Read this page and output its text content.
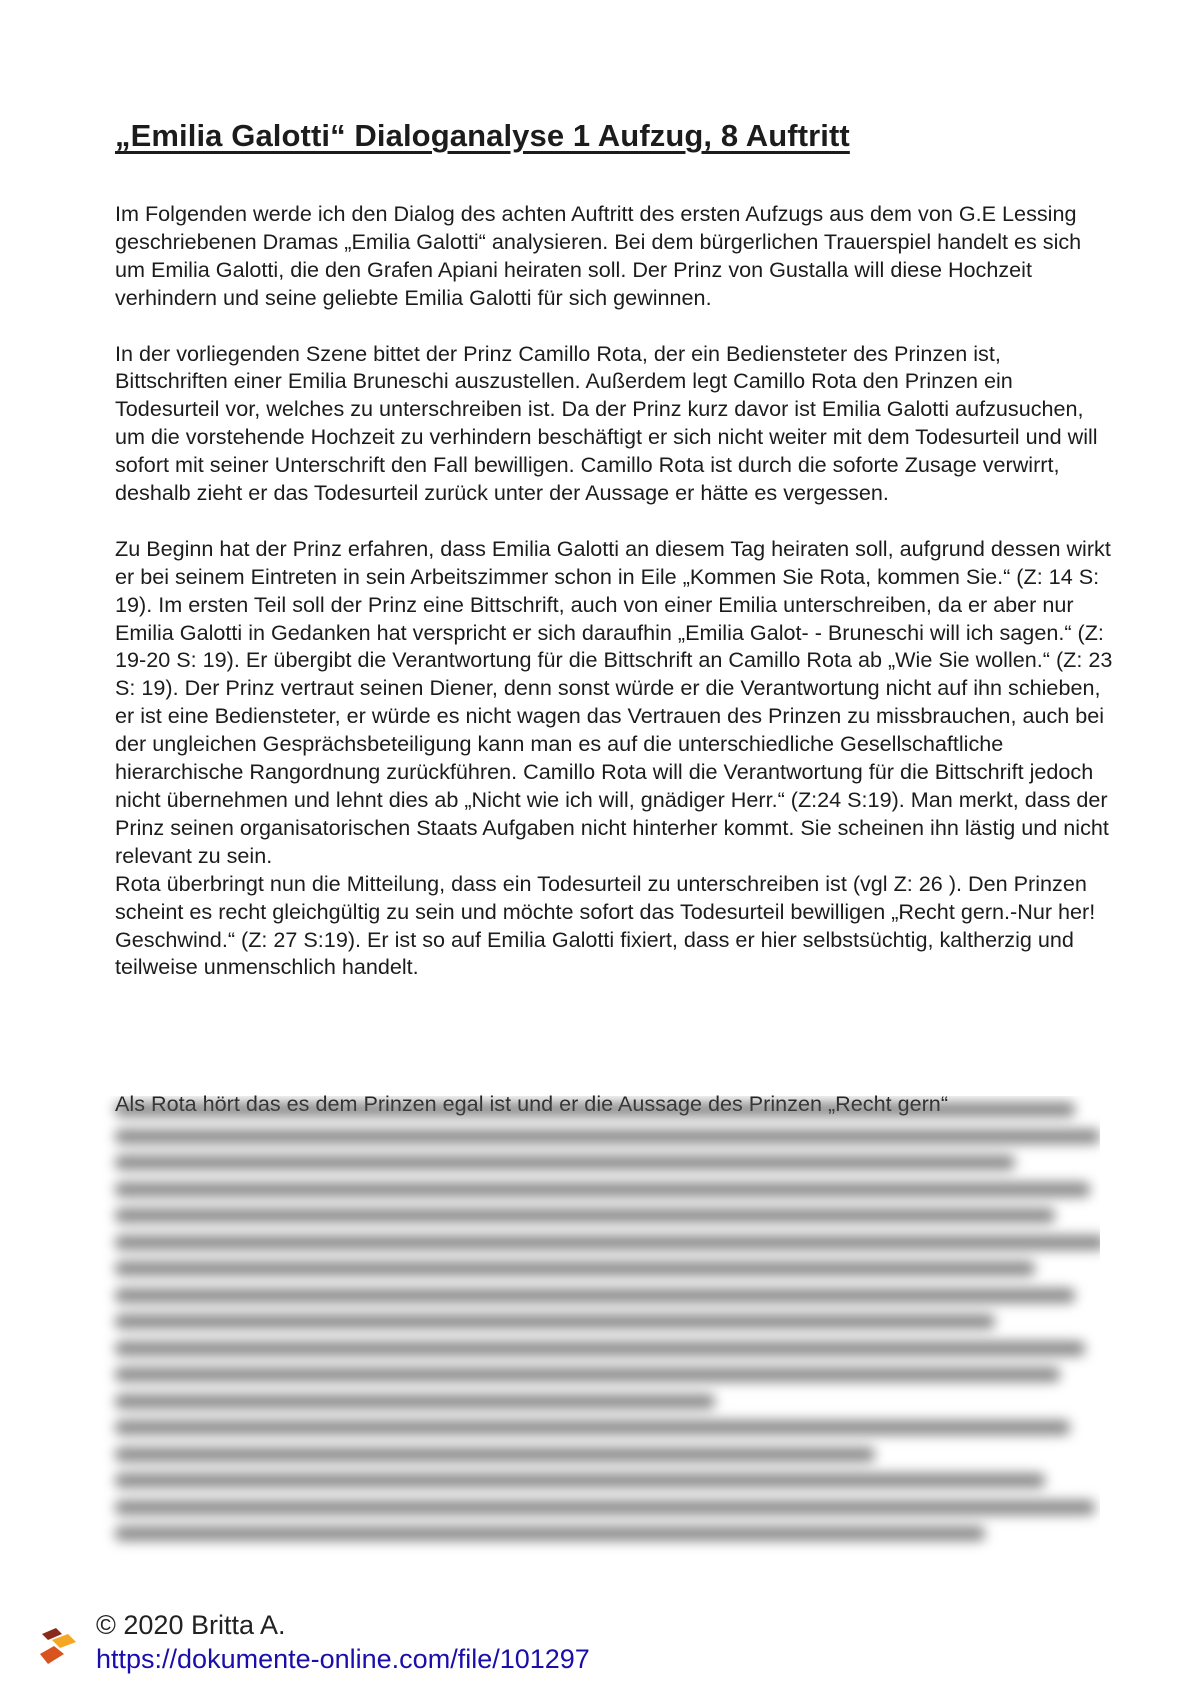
„Emilia Galotti“ Dialoganalyse 1 Aufzug, 8 Auftritt

Im Folgenden werde ich den Dialog des achten Auftritt des ersten Aufzugs aus dem von G.E Lessing geschriebenen Dramas „Emilia Galotti“ analysieren. Bei dem bürgerlichen Trauerspiel handelt es sich um Emilia Galotti, die den Grafen Apiani heiraten soll. Der Prinz von Gustalla will diese Hochzeit verhindern und seine geliebte Emilia Galotti für sich gewinnen.

In der vorliegenden Szene bittet der Prinz Camillo Rota, der ein Bediensteter des Prinzen ist, Bittschriften einer Emilia Bruneschi auszustellen. Außerdem legt Camillo Rota den Prinzen ein Todesurteil vor, welches zu unterschreiben ist. Da der Prinz kurz davor ist Emilia Galotti aufzusuchen, um die vorstehende Hochzeit zu verhindern beschäftigt er sich nicht weiter mit dem Todesurteil und will sofort mit seiner Unterschrift den Fall bewilligen. Camillo Rota ist durch die soforte Zusage verwirrt, deshalb zieht er das Todesurteil zurück unter der Aussage er hätte es vergessen.

Zu Beginn hat der Prinz erfahren, dass Emilia Galotti an diesem Tag heiraten soll, aufgrund dessen wirkt er bei seinem Eintreten in sein Arbeitszimmer schon in Eile „Kommen Sie Rota, kommen Sie.“ (Z: 14 S: 19). Im ersten Teil soll der Prinz eine Bittschrift, auch von einer Emilia unterschreiben, da er aber nur Emilia Galotti in Gedanken hat verspricht er sich daraufhin „Emilia Galot- - Bruneschi will ich sagen.“ (Z: 19-20 S: 19). Er übergibt die Verantwortung für die Bittschrift an Camillo Rota ab „Wie Sie wollen.“ (Z: 23 S: 19). Der Prinz vertraut seinen Diener, denn sonst würde er die Verantwortung nicht auf ihn schieben, er ist eine Bediensteter, er würde es nicht wagen das Vertrauen des Prinzen zu missbrauchen, auch bei der ungleichen Gesprächsbeteiligung kann man es auf die unterschiedliche Gesellschaftliche hierarchische Rangordnung zurückführen. Camillo Rota will die Verantwortung für die Bittschrift jedoch nicht übernehmen und lehnt dies ab „Nicht wie ich will, gnädiger Herr.“ (Z:24 S:19). Man merkt, dass der Prinz seinen organisatorischen Staats Aufgaben nicht hinterher kommt. Sie scheinen ihn lästig und nicht relevant zu sein.

Rota überbringt nun die Mitteilung, dass ein Todesurteil zu unterschreiben ist (vgl Z: 26 ). Den Prinzen scheint es recht gleichgültig zu sein und möchte sofort das Todesurteil bewilligen „Recht gern.-Nur her! Geschwind.“ (Z: 27 S:19). Er ist so auf Emilia Galotti fixiert, dass er hier selbstsüchtig, kaltherzig und teilweise unmenschlich handelt.

© 2020 Britta A.
https://dokumente-online.com/file/101297
